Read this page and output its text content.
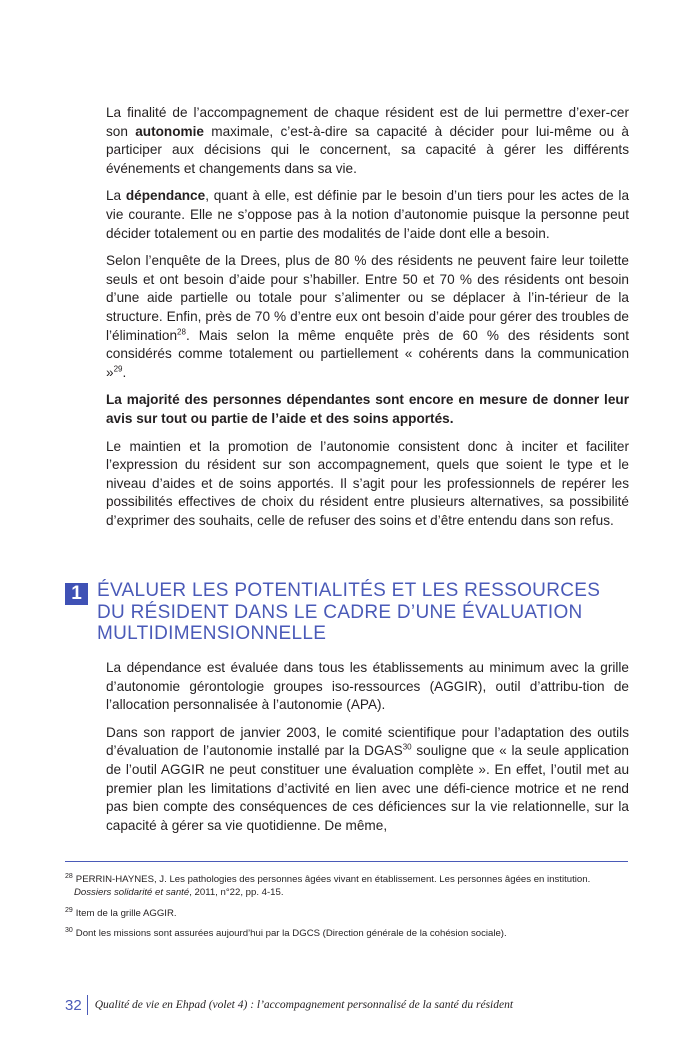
La finalité de l’accompagnement de chaque résident est de lui permettre d’exer-cer son autonomie maximale, c’est-à-dire sa capacité à décider pour lui-même ou à participer aux décisions qui le concernent, sa capacité à gérer les différents événements et changements dans sa vie.

La dépendance, quant à elle, est définie par le besoin d’un tiers pour les actes de la vie courante. Elle ne s’oppose pas à la notion d’autonomie puisque la personne peut décider totalement ou en partie des modalités de l’aide dont elle a besoin.

Selon l’enquête de la Drees, plus de 80 % des résidents ne peuvent faire leur toilette seuls et ont besoin d’aide pour s’habiller. Entre 50 et 70 % des résidents ont besoin d’une aide partielle ou totale pour s’alimenter ou se déplacer à l’in-térieur de la structure. Enfin, près de 70 % d’entre eux ont besoin d’aide pour gérer des troubles de l’élimination$^{28}$. Mais selon la même enquête près de 60 % des résidents sont considérés comme totalement ou partiellement « cohérents dans la communication »$^{29}$.

La majorité des personnes dépendantes sont encore en mesure de donner leur avis sur tout ou partie de l’aide et des soins apportés.

Le maintien et la promotion de l’autonomie consistent donc à inciter et faciliter l’expression du résident sur son accompagnement, quels que soient le type et le niveau d’aides et de soins apportés. Il s’agit pour les professionnels de repérer les possibilités effectives de choix du résident entre plusieurs alternatives, sa possibilité d’exprimer des souhaits, celle de refuser des soins et d’être entendu dans son refus.

1 ÉVALUER LES POTENTIALITÉS ET LES RESSOURCES
DU RÉSIDENT DANS LE CADRE D’UNE ÉVALUATION
MULTIDIMENSIONNELLE

La dépendance est évaluée dans tous les établissements au minimum avec la grille d’autonomie gérontologie groupes iso-ressources (AGGIR), outil d’attribu-tion de l’allocation personnalisée à l’autonomie (APA).

Dans son rapport de janvier 2003, le comité scientifique pour l’adaptation des outils d’évaluation de l’autonomie installé par la DGAS$^{30}$ souligne que « la seule application de l’outil AGGIR ne peut constituer une évaluation complète ». En effet, l’outil met au premier plan les limitations d’activité en lien avec une défi-cience motrice et ne rend pas bien compte des conséquences de ces déficiences sur la vie relationnelle, sur la capacité à gérer sa vie quotidienne. De même,

$^{28}$ PERRIN-HAYNES, J. Les pathologies des personnes âgées vivant en établissement. Les personnes âgées en institution.
Dossiers solidarité et santé, 2011, n°22, pp. 4-15.
$^{29}$ Item de la grille AGGIR.
$^{30}$ Dont les missions sont assurées aujourd’hui par la DGCS (Direction générale de la cohésion sociale).
32 Qualité de vie en Ehpad (volet 4) : l’accompagnement personnalisé de la santé du résident
